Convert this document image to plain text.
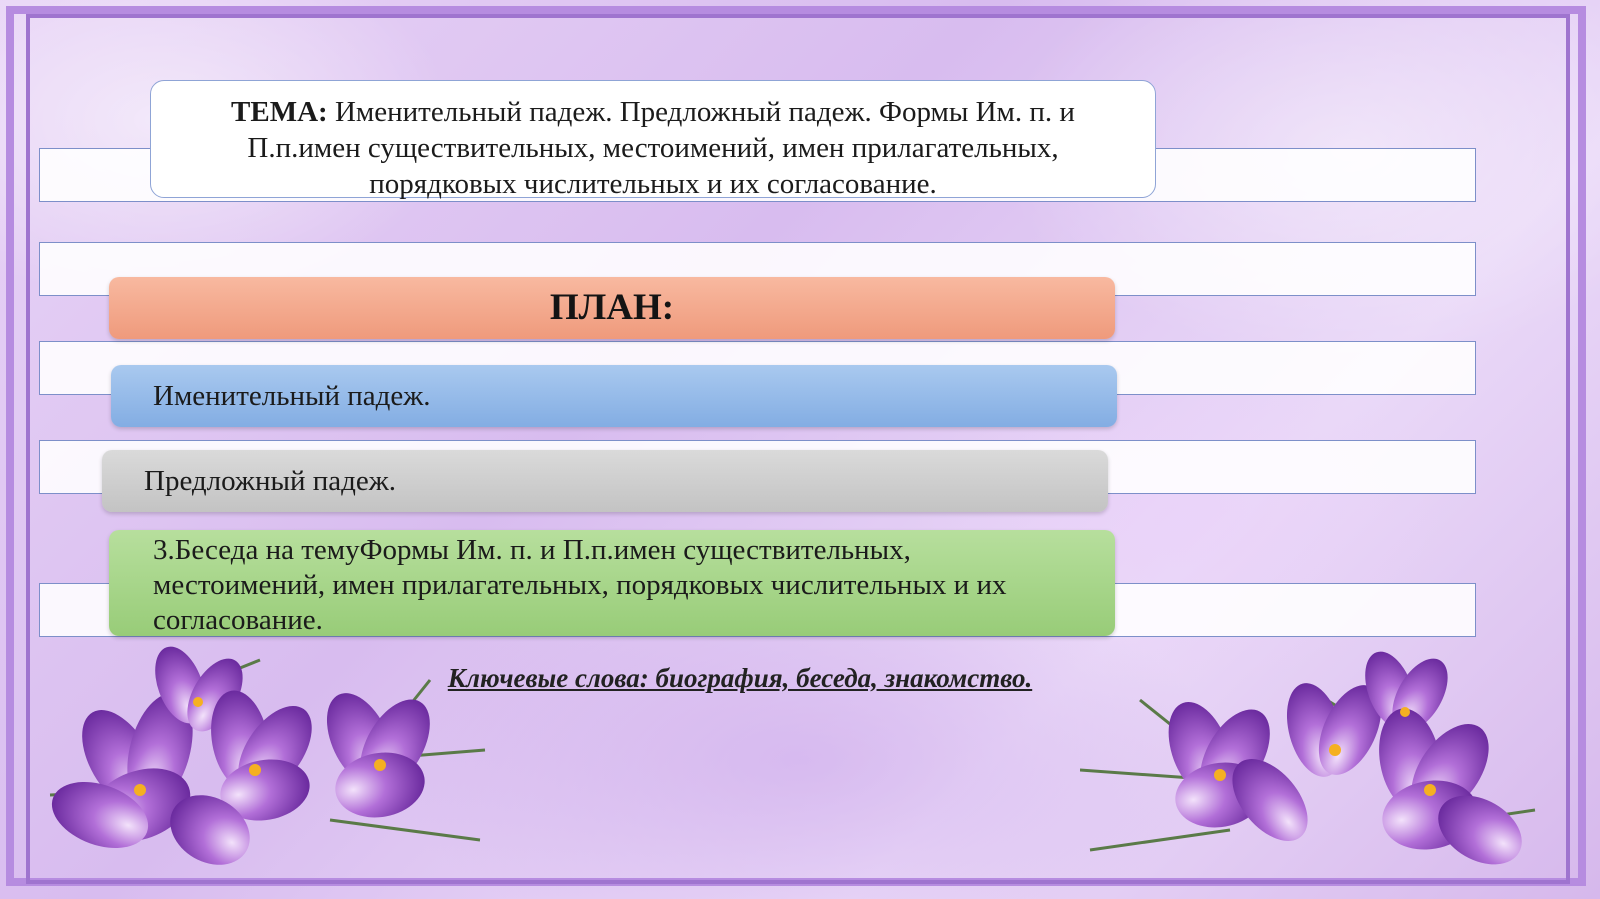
ТЕМА: Именительный падеж. Предложный падеж. Формы Им. п. и П.п.имен существительных, местоимений, имен прилагательных, порядковых числительных и их согласование.
ПЛАН:
Именительный падеж.
Предложный падеж.
3.Беседа на темуФормы Им. п. и П.п.имен существительных, местоимений, имен прилагательных, порядковых числительных и их согласование.
Ключевые слова: биография, беседа, знакомство.
